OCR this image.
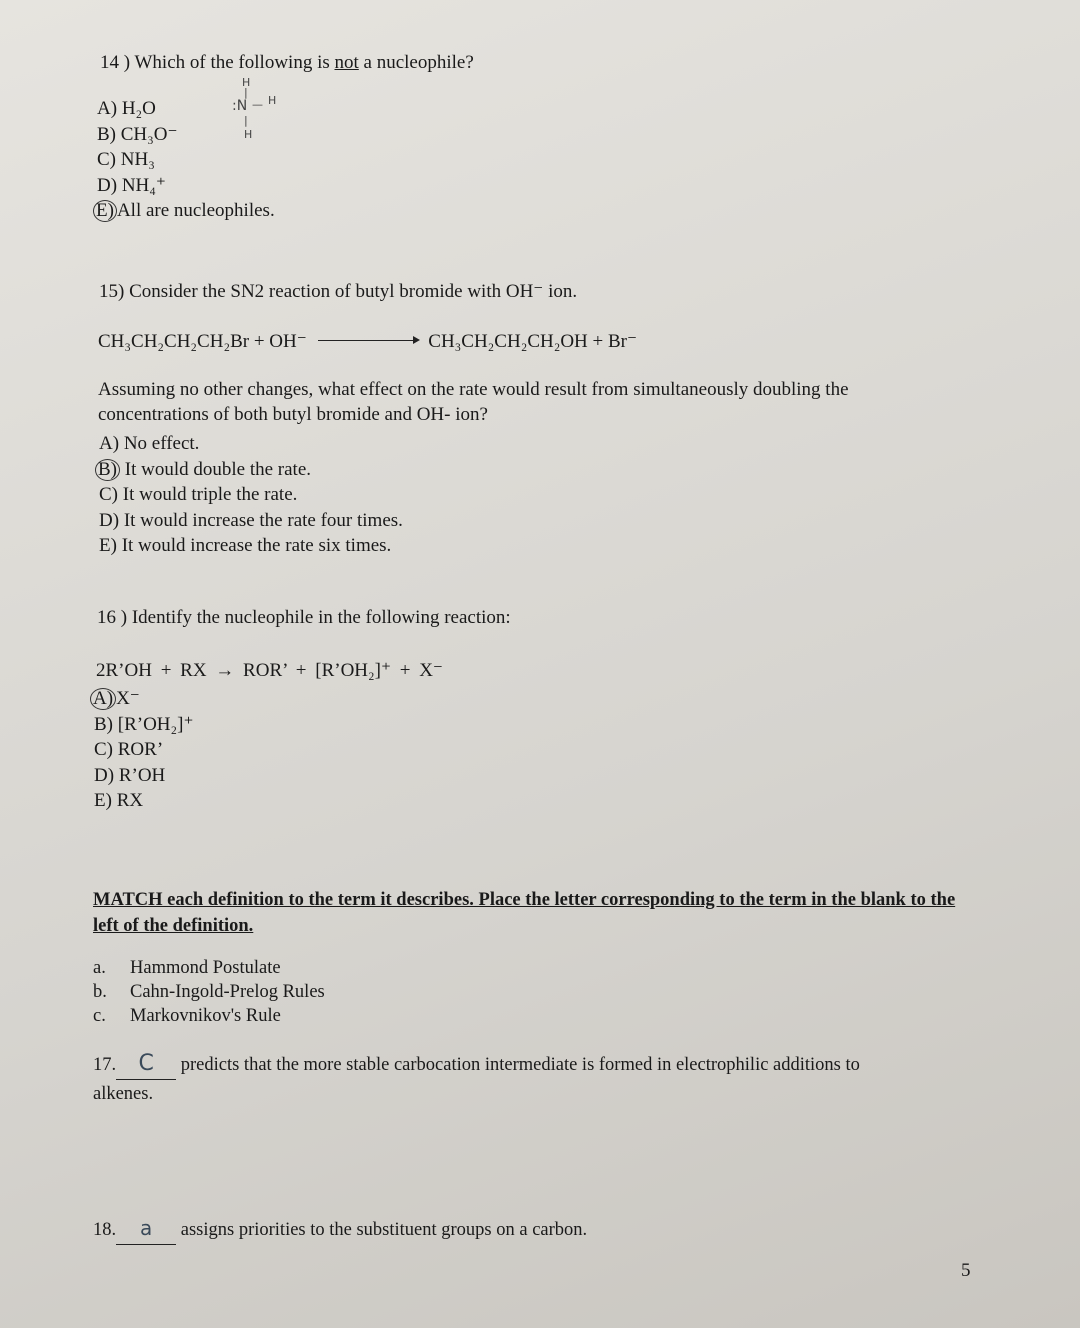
14 ) Which of the following is not a nucleophile?
H
|
:N — H
|
H
A) H₂O
B) CH₃O⁻
C) NH₃
D) NH₄⁺
E) All are nucleophiles.
15) Consider the SN2 reaction of butyl bromide with OH⁻ ion.
CH₃CH₂CH₂CH₂Br + OH⁻	CH₃CH₂CH₂CH₂OH + Br⁻
Assuming no other changes, what effect on the rate would result from simultaneously doubling the concentrations of both butyl bromide and OH- ion?
A) No effect.
B) It would double the rate.
C) It would triple the rate.
D) It would increase the rate four times.
E) It would increase the rate six times.
16 ) Identify the nucleophile in the following reaction:
2R’OH + RX → ROR’ + [R’OH₂]⁺ + X⁻
A) X⁻
B) [R’OH₂]⁺
C) ROR’
D) R’OH
E) RX
MATCH each definition to the term it describes. Place the letter corresponding to the term in the blank to the left of the definition.
a. Hammond Postulate
b. Cahn-Ingold-Prelog Rules
c. Markovnikov's Rule
17. C predicts that the more stable carbocation intermediate is formed in electrophilic additions to
alkenes.
18. a assigns priorities to the substituent groups on a carbon.
5
